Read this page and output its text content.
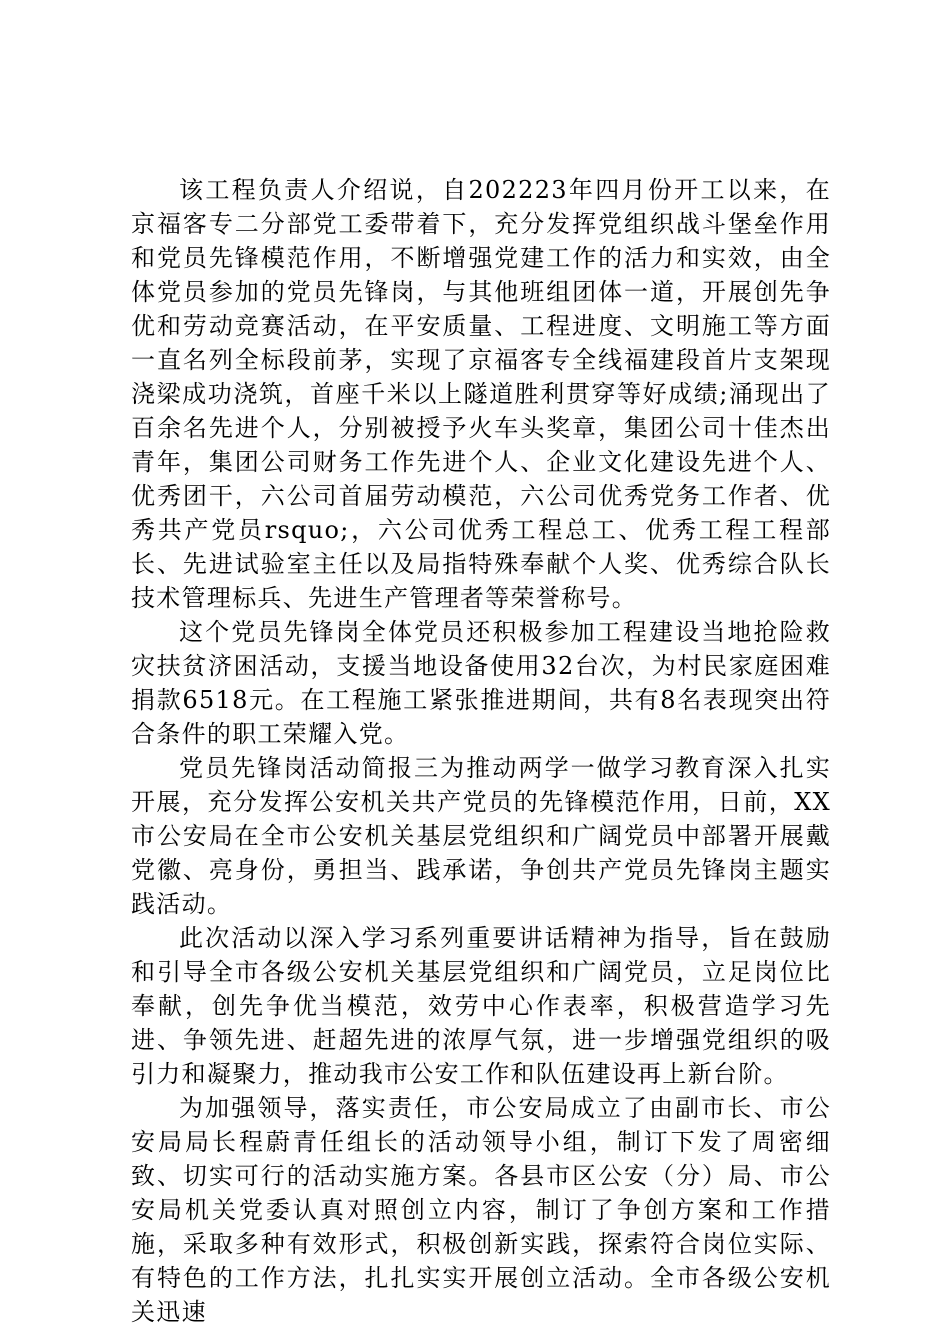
该工程负责人介绍说，自202223年四月份开工以来，在京福客专二分部党工委带着下，充分发挥党组织战斗堡垒作用和党员先锋模范作用，不断增强党建工作的活力和实效，由全体党员参加的党员先锋岗，与其他班组团体一道，开展创先争优和劳动竞赛活动，在平安质量、工程进度、文明施工等方面一直名列全标段前茅，实现了京福客专全线福建段首片支架现浇梁成功浇筑，首座千米以上隧道胜利贯穿等好成绩;涌现出了百余名先进个人，分别被授予火车头奖章，集团公司十佳杰出青年，集团公司财务工作先进个人、企业文化建设先进个人、优秀团干，六公司首届劳动模范，六公司优秀党务工作者、优秀共产党员rsquo;，六公司优秀工程总工、优秀工程工程部长、先进试验室主任以及局指特殊奉献个人奖、优秀综合队长技术管理标兵、先进生产管理者等荣誉称号。

这个党员先锋岗全体党员还积极参加工程建设当地抢险救灾扶贫济困活动，支援当地设备使用32台次，为村民家庭困难捐款6518元。在工程施工紧张推进期间，共有8名表现突出符合条件的职工荣耀入党。

党员先锋岗活动简报三为推动两学一做学习教育深入扎实开展，充分发挥公安机关共产党员的先锋模范作用，日前，XX市公安局在全市公安机关基层党组织和广阔党员中部署开展戴党徽、亮身份，勇担当、践承诺，争创共产党员先锋岗主题实践活动。

此次活动以深入学习系列重要讲话精神为指导，旨在鼓励和引导全市各级公安机关基层党组织和广阔党员，立足岗位比奉献，创先争优当模范，效劳中心作表率，积极营造学习先进、争领先进、赶超先进的浓厚气氛，进一步增强党组织的吸引力和凝聚力，推动我市公安工作和队伍建设再上新台阶。

为加强领导，落实责任，市公安局成立了由副市长、市公安局局长程蔚青任组长的活动领导小组，制订下发了周密细致、切实可行的活动实施方案。各县市区公安（分）局、市公安局机关党委认真对照创立内容，制订了争创方案和工作措施，采取多种有效形式，积极创新实践，探索符合岗位实际、有特色的工作方法，扎扎实实开展创立活动。全市各级公安机关迅速
